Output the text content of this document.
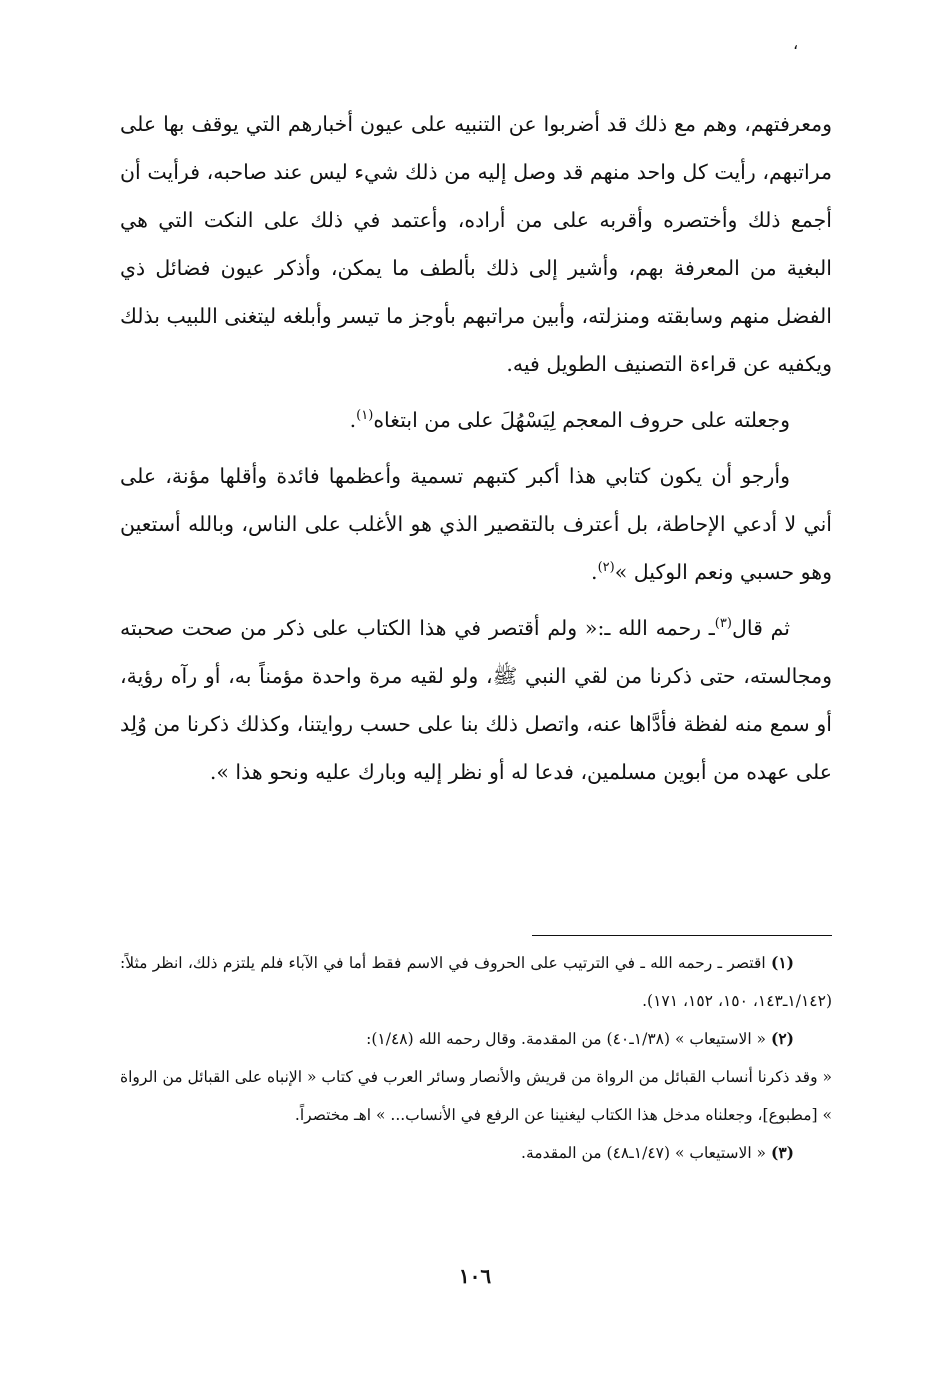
،

ومعرفتهم، وهم مع ذلك قد أضربوا عن التنبيه على عيون أخبارهم التي يوقف بها على مراتبهم، رأيت كل واحد منهم قد وصل إليه من ذلك شيء ليس عند صاحبه، فرأيت أن أجمع ذلك وأختصره وأقربه على من أراده، وأعتمد في ذلك على النكت التي هي البغية من المعرفة بهم، وأشير إلى ذلك بألطف ما يمكن، وأذكر عيون فضائل ذي الفضل منهم وسابقته ومنزلته، وأبين مراتبهم بأوجز ما تيسر وأبلغه ليتغنى اللبيب بذلك ويكفيه عن قراءة التصنيف الطويل فيه.

وجعلته على حروف المعجم لِيَسْهُلَ على من ابتغاه$^{(١)}$.

وأرجو أن يكون كتابي هذا أكبر كتبهم تسمية وأعظمها فائدة وأقلها مؤنة، على أني لا أدعي الإحاطة، بل أعترف بالتقصير الذي هو الأغلب على الناس، وبالله أستعين وهو حسبي ونعم الوكيل »$^{(٢)}$.

ثم قال$^{(٣)}$ـ رحمه الله ـ:« ولم أقتصر في هذا الكتاب على ذكر من صحت صحبته ومجالسته، حتى ذكرنا من لقي النبي ﷺ، ولو لقيه مرة واحدة مؤمناً به، أو رآه رؤية، أو سمع منه لفظة فأدَّاها عنه، واتصل ذلك بنا على حسب روايتنا، وكذلك ذكرنا من وُلِد على عهده من أبوين مسلمين، فدعا له أو نظر إليه وبارك عليه ونحو هذا ».

(١) اقتصر ـ رحمه الله ـ في الترتيب على الحروف في الاسم فقط أما في الآباء فلم يلتزم ذلك، انظر مثلاً: (١/١٤٢ـ١٤٣، ١٥٠، ١٥٢، ١٧١).

(٢) « الاستيعاب » (١/٣٨ـ٤٠) من المقدمة. وقال رحمه الله (١/٤٨):

« وقد ذكرنا أنساب القبائل من الرواة من قريش والأنصار وسائر العرب في كتاب « الإنباه على القبائل من الرواة » [مطبوع]، وجعلناه مدخل هذا الكتاب ليغنينا عن الرفع في الأنساب... » اهـ مختصراً.

(٣) « الاستيعاب » (١/٤٧ـ٤٨) من المقدمة.

١٠٦
